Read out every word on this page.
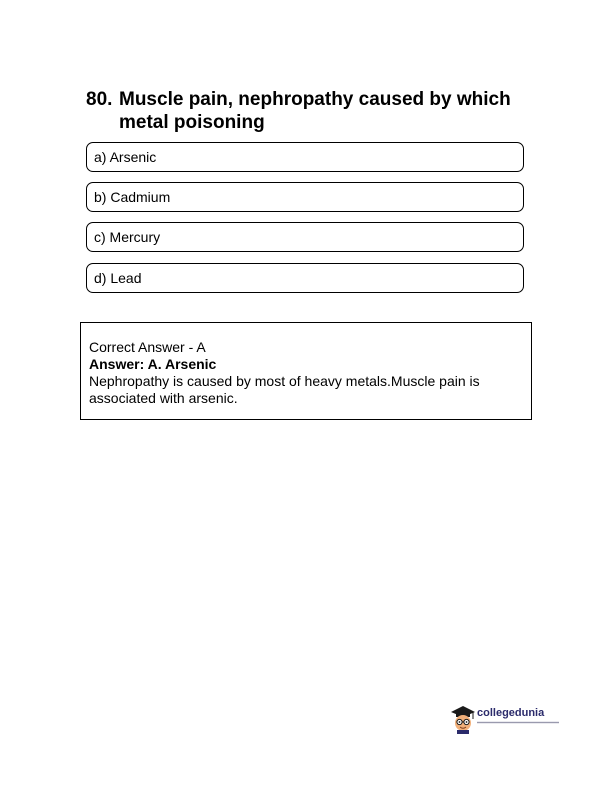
80. Muscle pain, nephropathy caused by which metal poisoning
a) Arsenic
b) Cadmium
c) Mercury
d) Lead
Correct Answer - A
Answer: A. Arsenic
Nephropathy is caused by most of heavy metals.Muscle pain is associated with arsenic.
collegedunia
